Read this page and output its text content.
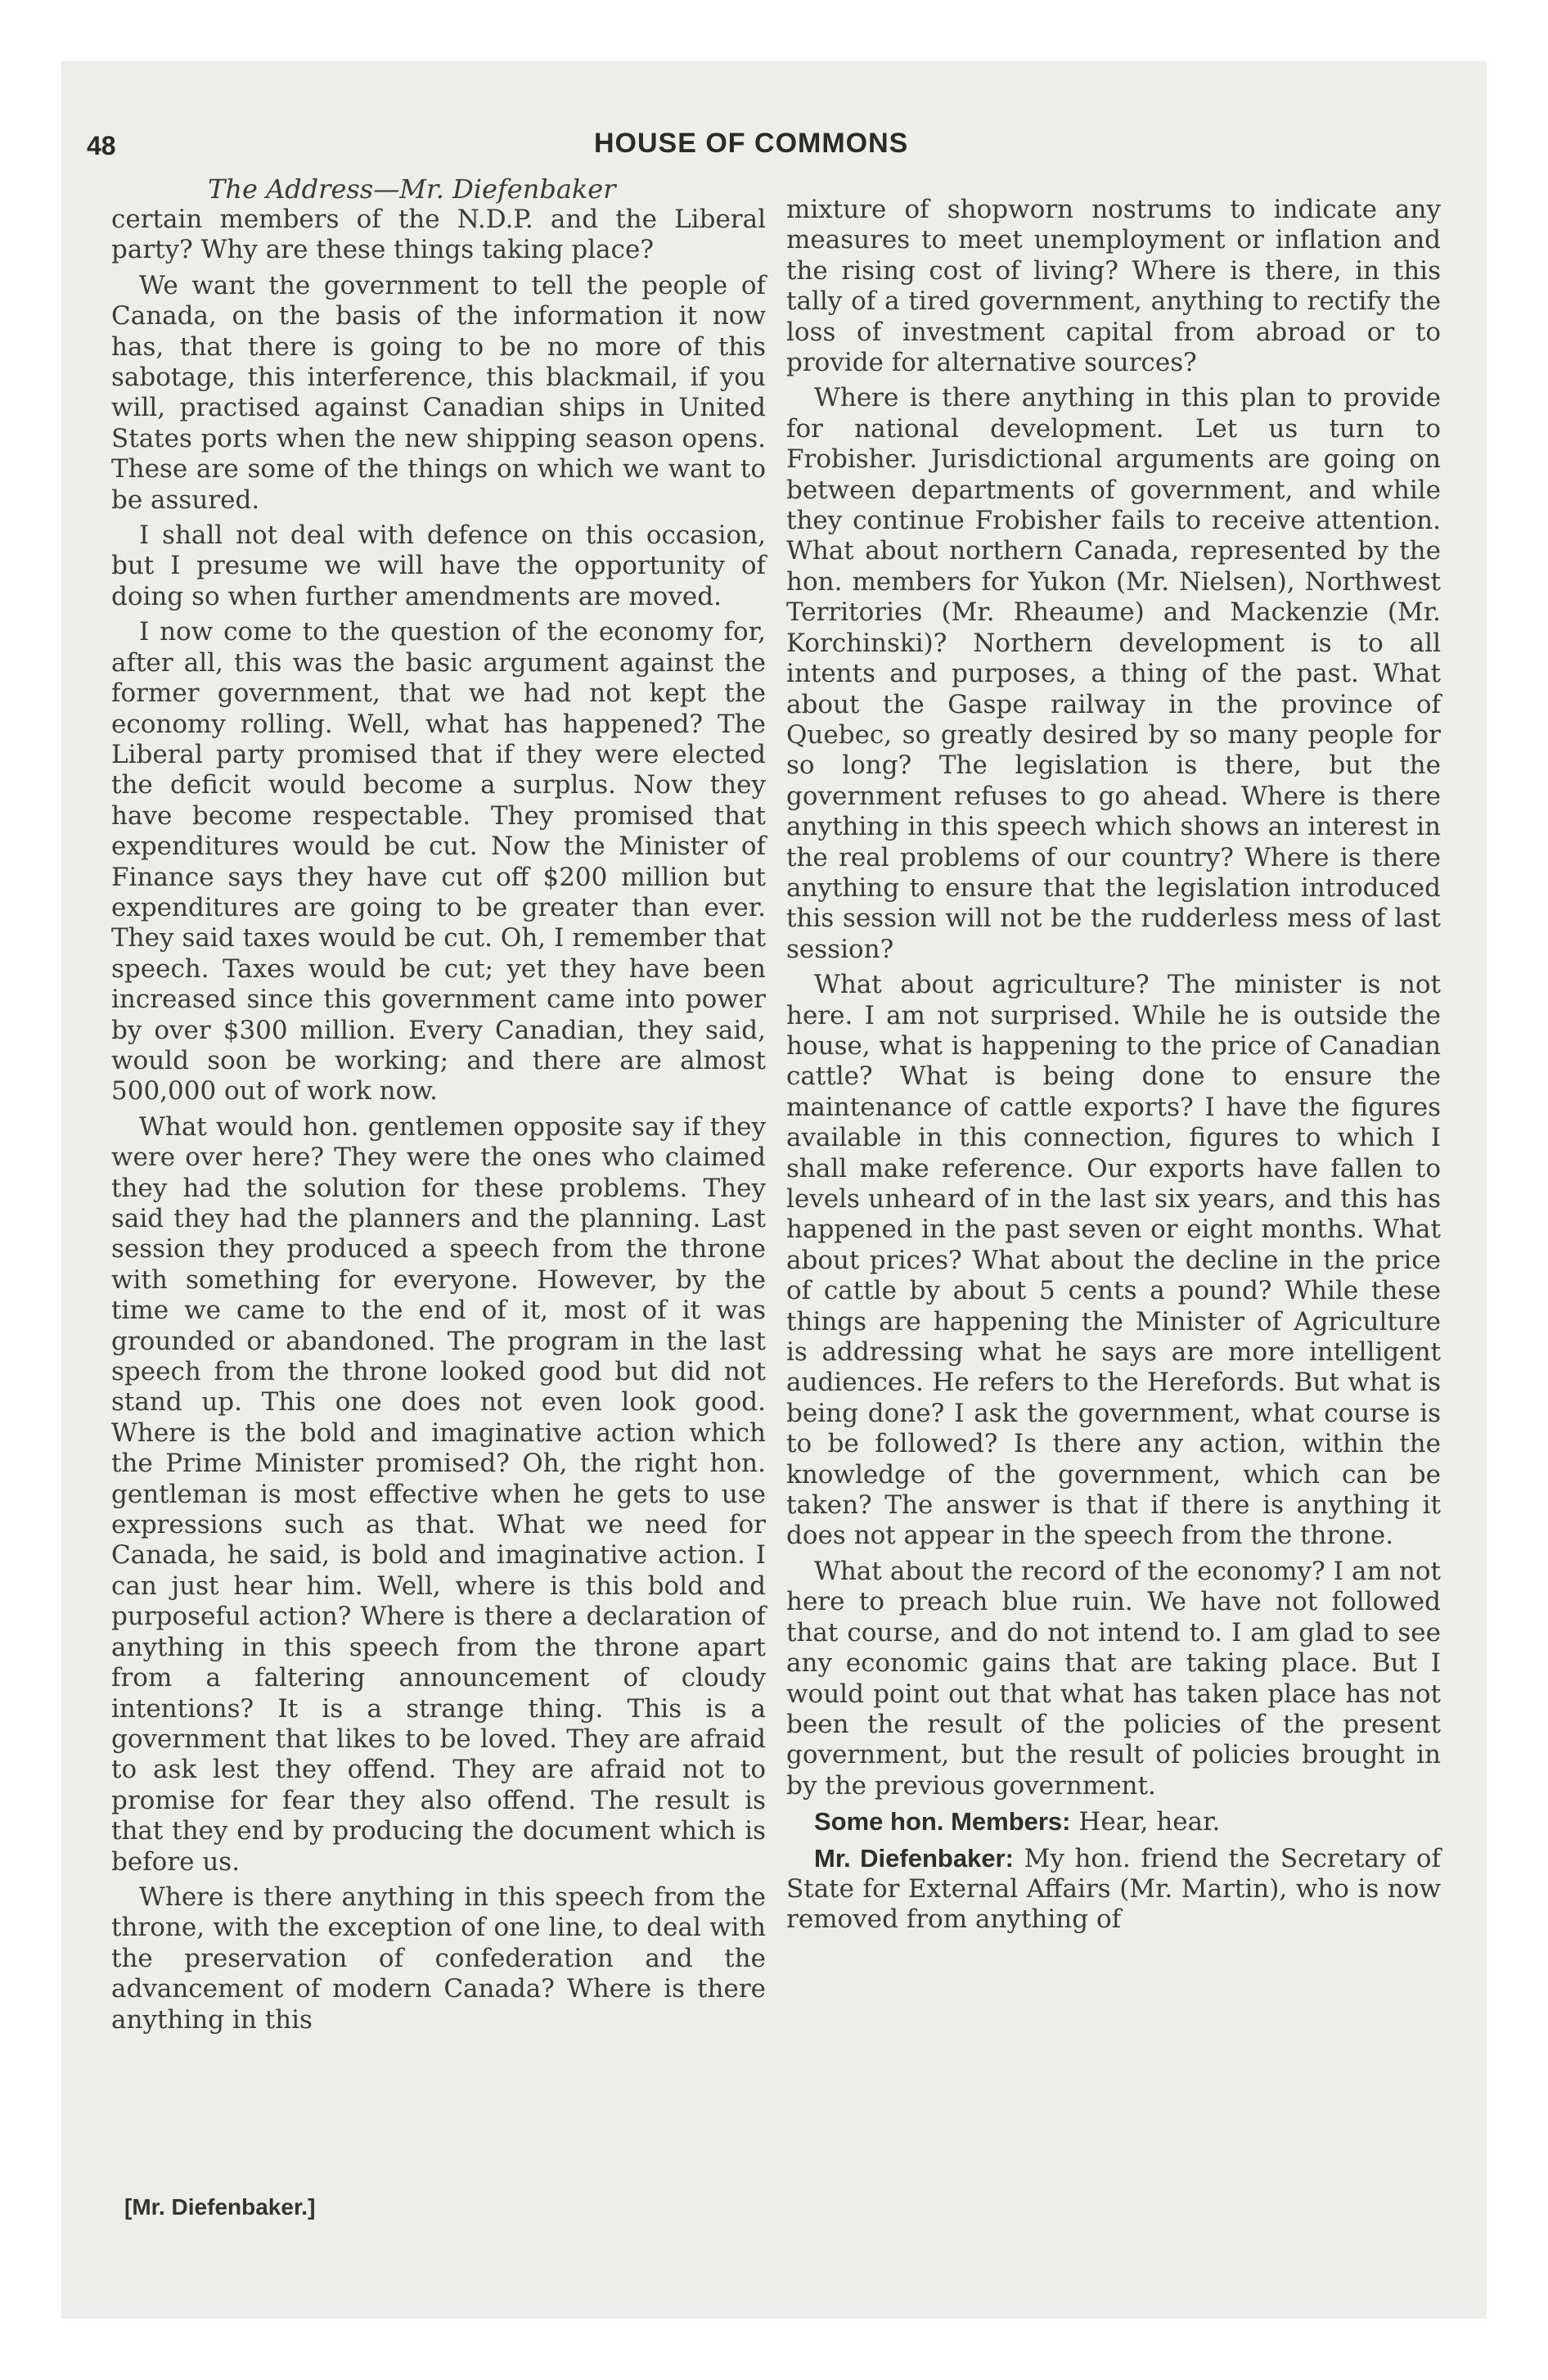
48	HOUSE OF COMMONS
The Address—Mr. Diefenbaker

certain members of the N.D.P. and the Liberal party? Why are these things taking place?

We want the government to tell the people of Canada, on the basis of the information it now has, that there is going to be no more of this sabotage, this interference, this blackmail, if you will, practised against Canadian ships in United States ports when the new shipping season opens. These are some of the things on which we want to be assured.

I shall not deal with defence on this occasion, but I presume we will have the opportunity of doing so when further amendments are moved.

I now come to the question of the economy for, after all, this was the basic argument against the former government, that we had not kept the economy rolling. Well, what has happened? The Liberal party promised that if they were elected the deficit would become a surplus. Now they have become respectable. They promised that expenditures would be cut. Now the Minister of Finance says they have cut off $200 million but expenditures are going to be greater than ever. They said taxes would be cut. Oh, I remember that speech. Taxes would be cut; yet they have been increased since this government came into power by over $300 million. Every Canadian, they said, would soon be working; and there are almost 500,000 out of work now.

What would hon. gentlemen opposite say if they were over here? They were the ones who claimed they had the solution for these problems. They said they had the planners and the planning. Last session they produced a speech from the throne with something for everyone. However, by the time we came to the end of it, most of it was grounded or abandoned. The program in the last speech from the throne looked good but did not stand up. This one does not even look good. Where is the bold and imaginative action which the Prime Minister promised? Oh, the right hon. gentleman is most effective when he gets to use expressions such as that. What we need for Canada, he said, is bold and imaginative action. I can just hear him. Well, where is this bold and purposeful action? Where is there a declaration of anything in this speech from the throne apart from a faltering announcement of cloudy intentions? It is a strange thing. This is a government that likes to be loved. They are afraid to ask lest they offend. They are afraid not to promise for fear they also offend. The result is that they end by producing the document which is before us.

Where is there anything in this speech from the throne, with the exception of one line, to deal with the preservation of confederation and the advancement of modern Canada? Where is there anything in this

mixture of shopworn nostrums to indicate any measures to meet unemployment or inflation and the rising cost of living? Where is there, in this tally of a tired government, anything to rectify the loss of investment capital from abroad or to provide for alternative sources?

Where is there anything in this plan to provide for national development. Let us turn to Frobisher. Jurisdictional arguments are going on between departments of government, and while they continue Frobisher fails to receive attention. What about northern Canada, represented by the hon. members for Yukon (Mr. Nielsen), Northwest Territories (Mr. Rheaume) and Mackenzie (Mr. Korchinski)? Northern development is to all intents and purposes, a thing of the past. What about the Gaspe railway in the province of Quebec, so greatly desired by so many people for so long? The legislation is there, but the government refuses to go ahead. Where is there anything in this speech which shows an interest in the real problems of our country? Where is there anything to ensure that the legislation introduced this session will not be the rudderless mess of last session?

What about agriculture? The minister is not here. I am not surprised. While he is outside the house, what is happening to the price of Canadian cattle? What is being done to ensure the maintenance of cattle exports? I have the figures available in this connection, figures to which I shall make reference. Our exports have fallen to levels unheard of in the last six years, and this has happened in the past seven or eight months. What about prices? What about the decline in the price of cattle by about 5 cents a pound? While these things are happening the Minister of Agriculture is addressing what he says are more intelligent audiences. He refers to the Herefords. But what is being done? I ask the government, what course is to be followed? Is there any action, within the knowledge of the government, which can be taken? The answer is that if there is anything it does not appear in the speech from the throne.

What about the record of the economy? I am not here to preach blue ruin. We have not followed that course, and do not intend to. I am glad to see any economic gains that are taking place. But I would point out that what has taken place has not been the result of the policies of the present government, but the result of policies brought in by the previous government.

Some hon. Members: Hear, hear.

Mr. Diefenbaker: My hon. friend the Secretary of State for External Affairs (Mr. Martin), who is now removed from anything of

[Mr. Diefenbaker.]
